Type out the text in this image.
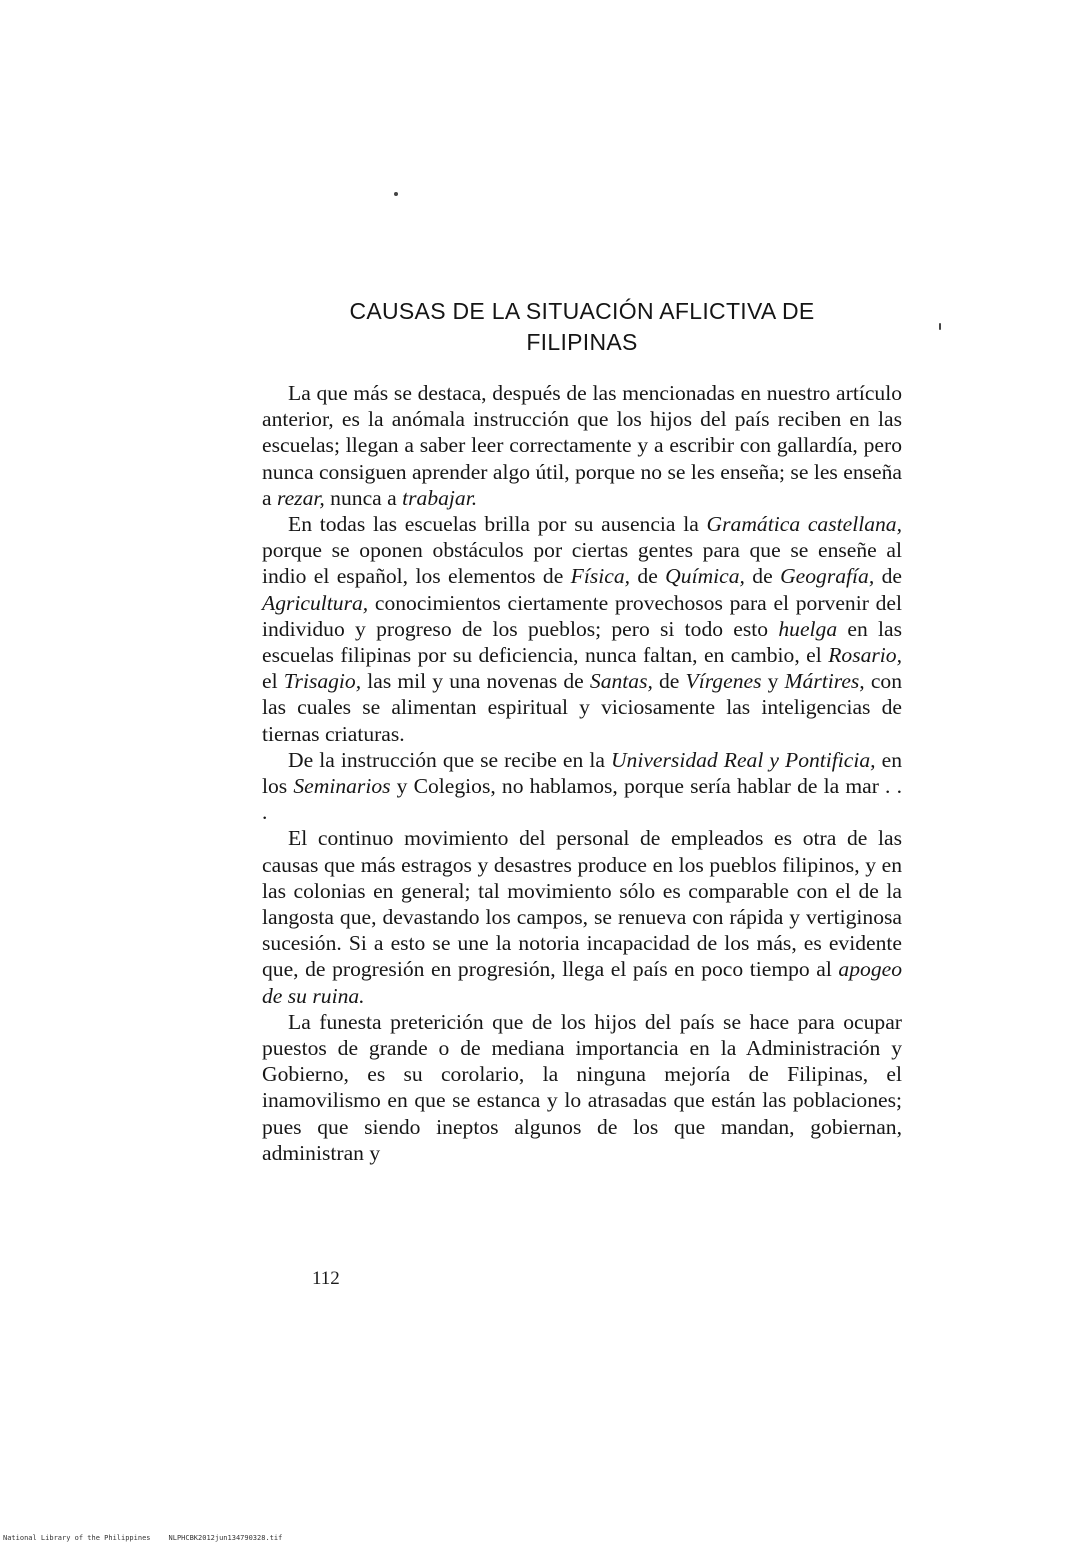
CAUSAS DE LA SITUACIÓN AFLICTIVA DE
FILIPINAS

La que más se destaca, después de las mencionadas en nuestro artículo anterior, es la anómala instrucción que los hijos del país reciben en las escuelas; llegan a saber leer correctamente y a escribir con gallardía, pero nunca consiguen aprender algo útil, porque no se les enseña; se les enseña a rezar, nunca a trabajar.

En todas las escuelas brilla por su ausencia la Gramática castellana, porque se oponen obstáculos por ciertas gentes para que se enseñe al indio el español, los elementos de Física, de Química, de Geografía, de Agricultura, conocimientos ciertamente provechosos para el porvenir del individuo y progreso de los pueblos; pero si todo esto huelga en las escuelas filipinas por su deficiencia, nunca faltan, en cambio, el Rosario, el Trisagio, las mil y una novenas de Santas, de Vírgenes y Mártires, con las cuales se alimentan espiritual y viciosamente las inteligencias de tiernas criaturas.

De la instrucción que se recibe en la Universidad Real y Pontificia, en los Seminarios y Colegios, no hablamos, porque sería hablar de la mar . . .

El continuo movimiento del personal de empleados es otra de las causas que más estragos y desastres produce en los pueblos filipinos, y en las colonias en general; tal movimiento sólo es comparable con el de la langosta que, devastando los campos, se renueva con rápida y vertiginosa sucesión. Si a esto se une la notoria incapacidad de los más, es evidente que, de progresión en progresión, llega el país en poco tiempo al apogeo de su ruina.

La funesta preterición que de los hijos del país se hace para ocupar puestos de grande o de mediana importancia en la Administración y Gobierno, es su corolario, la ninguna mejoría de Filipinas, el inamovilismo en que se estanca y lo atrasadas que están las poblaciones; pues que siendo ineptos algunos de los que mandan, gobiernan, administran y

112
National Library of the Philippines	NLPHCBK2012jun134790328.tif
